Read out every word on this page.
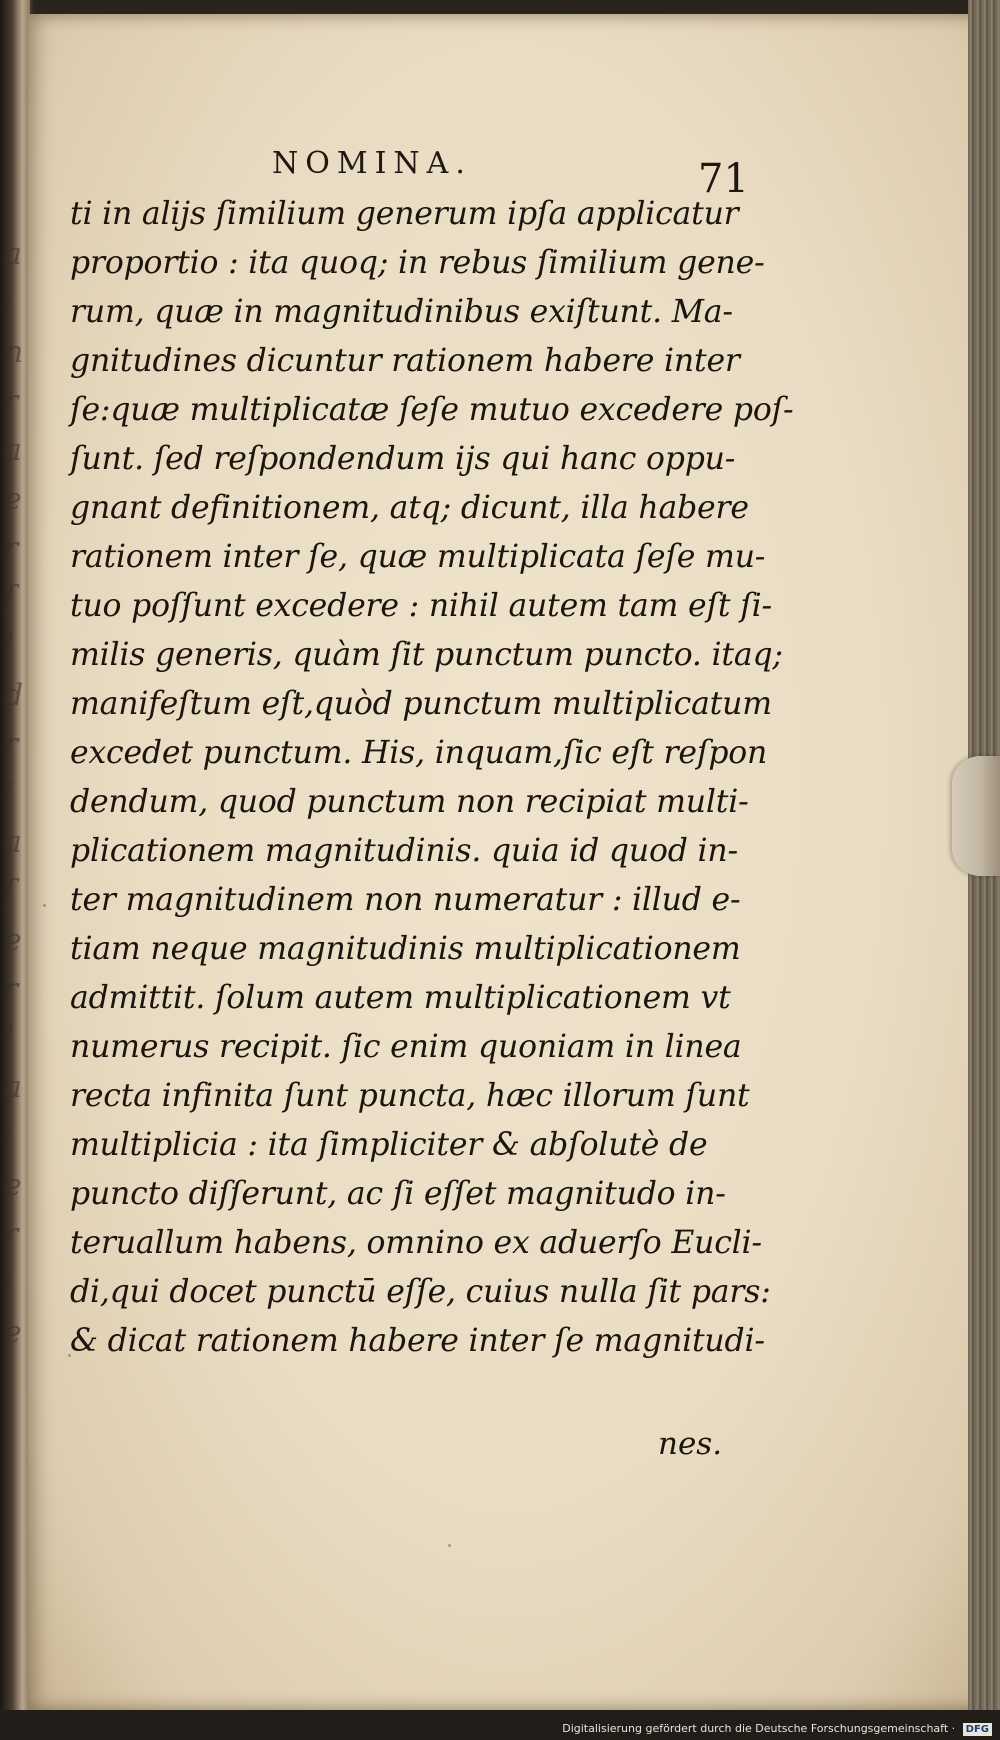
a
i
n
r
a
e
r
ſ
l
d
r
i
a
ſ
e
r
l
a
i
e
r
i
e
NOMINA.	71
ti in alijs ſimilium generum ipſa applicatur
proportio : ita quoq; in rebus ſimilium gene-
rum, quæ in magnitudinibus exiſtunt. Ma-
gnitudines dicuntur rationem habere inter
ſe:quæ multiplicatæ ſeſe mutuo excedere poſ-
ſunt. ſed reſpondendum ijs qui hanc oppu-
gnant definitionem, atq; dicunt, illa habere
rationem inter ſe, quæ multiplicata ſeſe mu-
tuo poſſunt excedere : nihil autem tam eſt ſi-
milis generis, quàm ſit punctum puncto. itaq;
manifeſtum eſt,quòd punctum multiplicatum
excedet punctum. His, inquam,ſic eſt reſpon
dendum, quod punctum non recipiat multi-
plicationem magnitudinis. quia id quod in-
ter magnitudinem non numeratur : illud e-
tiam neque magnitudinis multiplicationem
admittit. ſolum autem multiplicationem vt
numerus recipit. ſic enim quoniam in linea
recta infinita ſunt puncta, hæc illorum ſunt
multiplicia : ita ſimpliciter & abſolutè de
puncto diſſerunt, ac ſi eſſet magnitudo in-
teruallum habens, omnino ex aduerſo Eucli-
di,qui docet punctū eſſe, cuius nulla ſit pars:
& dicat rationem habere inter ſe magnitudi-
nes.
Digitalisierung gefördert durch die Deutsche Forschungsgemeinschaft · DFG
